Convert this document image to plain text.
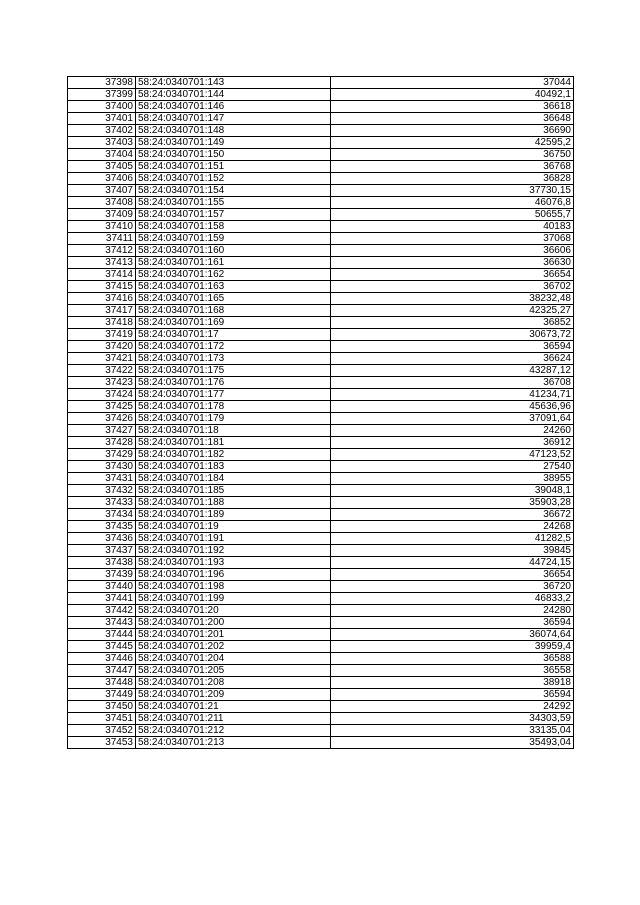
37398	58:24:0340701:143	37044
37399	58:24:0340701:144	40492,1
37400	58:24:0340701:146	36618
37401	58:24:0340701:147	36648
37402	58:24:0340701:148	36690
37403	58:24:0340701:149	42595,2
37404	58:24:0340701:150	36750
37405	58:24:0340701:151	36768
37406	58:24:0340701:152	36828
37407	58:24:0340701:154	37730,15
37408	58:24:0340701:155	46076,8
37409	58:24:0340701:157	50655,7
37410	58:24:0340701:158	40183
37411	58:24:0340701:159	37068
37412	58:24:0340701:160	36606
37413	58:24:0340701:161	36630
37414	58:24:0340701:162	36654
37415	58:24:0340701:163	36702
37416	58:24:0340701:165	38232,48
37417	58:24:0340701:168	42325,27
37418	58:24:0340701:169	36852
37419	58:24:0340701:17	30673,72
37420	58:24:0340701:172	36594
37421	58:24:0340701:173	36624
37422	58:24:0340701:175	43287,12
37423	58:24:0340701:176	36708
37424	58:24:0340701:177	41234,71
37425	58:24:0340701:178	45636,96
37426	58:24:0340701:179	37091,64
37427	58:24:0340701:18	24260
37428	58:24:0340701:181	36912
37429	58:24:0340701:182	47123,52
37430	58:24:0340701:183	27540
37431	58:24:0340701:184	38955
37432	58:24:0340701:185	39048,1
37433	58:24:0340701:188	35903,28
37434	58:24:0340701:189	36672
37435	58:24:0340701:19	24268
37436	58:24:0340701:191	41282,5
37437	58:24:0340701:192	39845
37438	58:24:0340701:193	44724,15
37439	58:24:0340701:196	36654
37440	58:24:0340701:198	36720
37441	58:24:0340701:199	46833,2
37442	58:24:0340701:20	24280
37443	58:24:0340701:200	36594
37444	58:24:0340701:201	36074,64
37445	58:24:0340701:202	39959,4
37446	58:24:0340701:204	36588
37447	58:24:0340701:205	36558
37448	58:24:0340701:208	38918
37449	58:24:0340701:209	36594
37450	58:24:0340701:21	24292
37451	58:24:0340701:211	34303,59
37452	58:24:0340701:212	33135,04
37453	58:24:0340701:213	35493,04
